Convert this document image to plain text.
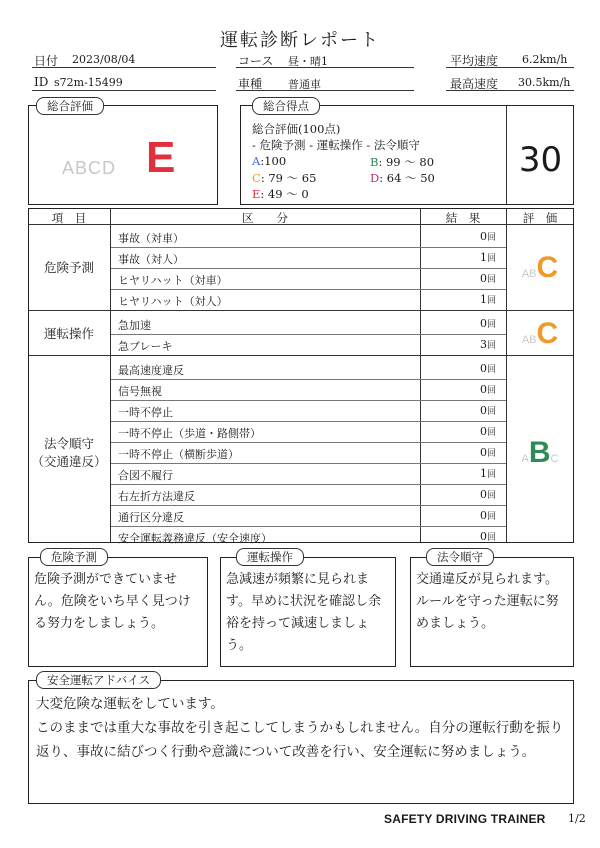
運転診断レポート
日付 2023/08/04	コース 昼・晴1	平均速度 6.2km/h
ID s72m-15499	車種 普通車	最高速度 30.5km/h
総合評価
ABCD E
総合得点
総合評価(100点)
- 危険予測 - 運転操作 - 法令順守
A:100	B: 99 〜 80
C: 79 〜 65	D: 64 〜 50
E: 49 〜 0
30
項　目	区　　分	結　果	評　価
事故（対車）	0回
事故（対人）	1回
ヒヤリハット（対車）	0回
ヒヤリハット（対人）	1回
危険予測	ABC
急加速	0回
急ブレーキ	3回
運転操作	ABC
最高速度違反	0回
信号無視	0回
一時不停止	0回
一時不停止（歩道・路側帯）	0回
一時不停止（横断歩道）	0回
合図不履行	1回
右左折方法違反	0回
通行区分違反	0回
安全運転義務違反（安全速度）	0回
法令順守
（交通違反）	ABC
危険予測
危険予測ができていません。危険をいち早く見つける努力をしましょう。
運転操作
急減速が頻繁に見られます。早めに状況を確認し余裕を持って減速しましょう。
法令順守
交通違反が見られます。ルールを守った運転に努めましょう。
安全運転アドバイス
大変危険な運転をしています。
このままでは重大な事故を引き起こしてしまうかもしれません。自分の運転行動を振り返り、事故に結びつく行動や意識について改善を行い、安全運転に努めましょう。
SAFETY DRIVING TRAINER 1/2
